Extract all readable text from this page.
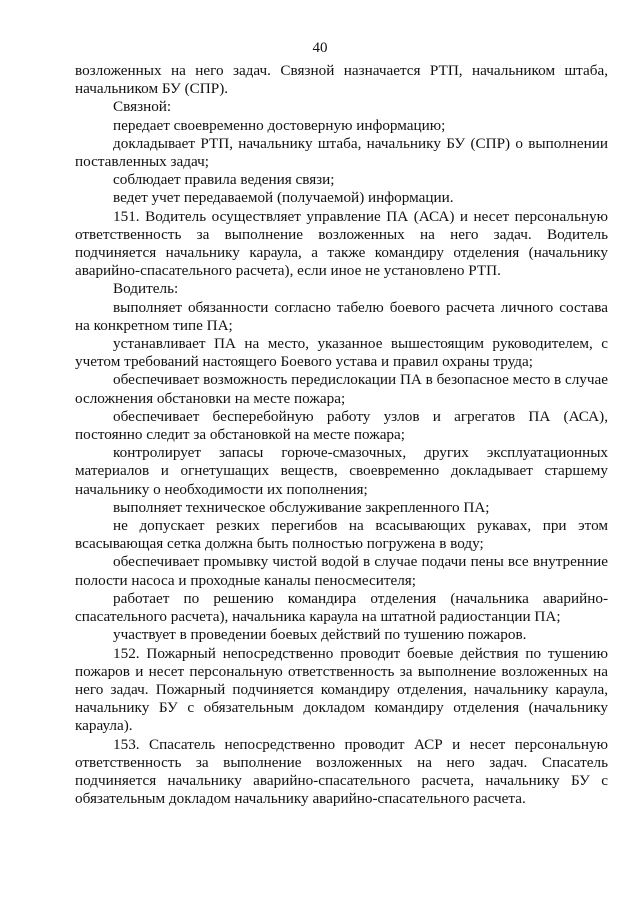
40

возложенных на него задач. Связной назначается РТП, начальником штаба, начальником БУ (СПР).

Связной:

передает своевременно достоверную информацию;

докладывает РТП, начальнику штаба, начальнику БУ (СПР) о выполнении поставленных задач;

соблюдает правила ведения связи;

ведет учет передаваемой (получаемой) информации.

151. Водитель осуществляет управление ПА (АСА) и несет персональную ответственность за выполнение возложенных на него задач. Водитель подчиняется начальнику караула, а также командиру отделения (начальнику аварийно-спасательного расчета), если иное не установлено РТП.

Водитель:

выполняет обязанности согласно табелю боевого расчета личного состава на конкретном типе ПА;

устанавливает ПА на место, указанное вышестоящим руководителем, с учетом требований настоящего Боевого устава и правил охраны труда;

обеспечивает возможность передислокации ПА в безопасное место в случае осложнения обстановки на месте пожара;

обеспечивает бесперебойную работу узлов и агрегатов ПА (АСА), постоянно следит за обстановкой на месте пожара;

контролирует запасы горюче-смазочных, других эксплуатационных материалов и огнетушащих веществ, своевременно докладывает старшему начальнику о необходимости их пополнения;

выполняет техническое обслуживание закрепленного ПА;

не допускает резких перегибов на всасывающих рукавах, при этом всасывающая сетка должна быть полностью погружена в воду;

обеспечивает промывку чистой водой в случае подачи пены все внутренние полости насоса и проходные каналы пеносмесителя;

работает по решению командира отделения (начальника аварийно-спасательного расчета), начальника караула на штатной радиостанции ПА;

участвует в проведении боевых действий по тушению пожаров.

152. Пожарный непосредственно проводит боевые действия по тушению пожаров и несет персональную ответственность за выполнение возложенных на него задач. Пожарный подчиняется командиру отделения, начальнику караула, начальнику БУ с обязательным докладом командиру отделения (начальнику караула).

153. Спасатель непосредственно проводит АСР и несет персональную ответственность за выполнение возложенных на него задач. Спасатель подчиняется начальнику аварийно-спасательного расчета, начальнику БУ с обязательным докладом начальнику аварийно-спасательного расчета.
